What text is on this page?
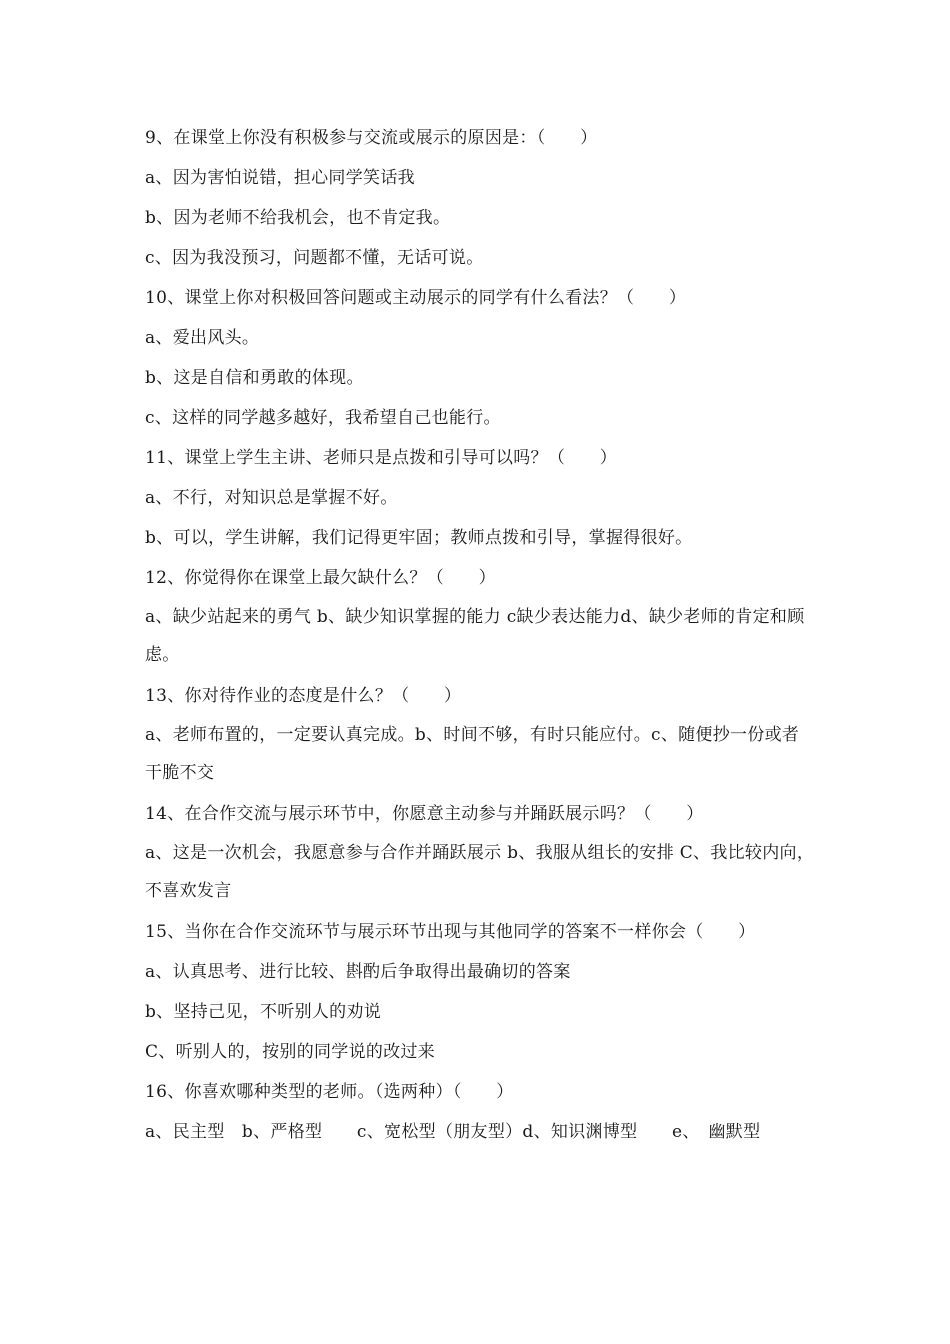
9、在课堂上你没有积极参与交流或展示的原因是：（　　）
a、因为害怕说错，担心同学笑话我
b、因为老师不给我机会，也不肯定我。
c、因为我没预习，问题都不懂，无话可说。
10、课堂上你对积极回答问题或主动展示的同学有什么看法？（　　）
a、爱出风头。
b、这是自信和勇敢的体现。
c、这样的同学越多越好，我希望自己也能行。
11、课堂上学生主讲、老师只是点拨和引导可以吗？（　　）
a、不行，对知识总是掌握不好。
b、可以，学生讲解，我们记得更牢固；教师点拨和引导，掌握得很好。
12、你觉得你在课堂上最欠缺什么？（　　）
a、缺少站起来的勇气 b、缺少知识掌握的能力 c缺少表达能力d、缺少老师的肯定和顾虑。
13、你对待作业的态度是什么？（　　）
a、老师布置的，一定要认真完成。b、时间不够，有时只能应付。c、随便抄一份或者干脆不交
14、在合作交流与展示环节中，你愿意主动参与并踊跃展示吗？（　　）
a、这是一次机会，我愿意参与合作并踊跃展示 b、我服从组长的安排 C、我比较内向，不喜欢发言
15、当你在合作交流环节与展示环节出现与其他同学的答案不一样你会（　　）
a、认真思考、进行比较、斟酌后争取得出最确切的答案
b、坚持己见，不听别人的劝说
C、听别人的，按别的同学说的改过来
16、你喜欢哪种类型的老师。（选两种）（　　）
a、民主型　b、严格型　　c、宽松型（朋友型）d、知识渊博型　　e、　幽默型
